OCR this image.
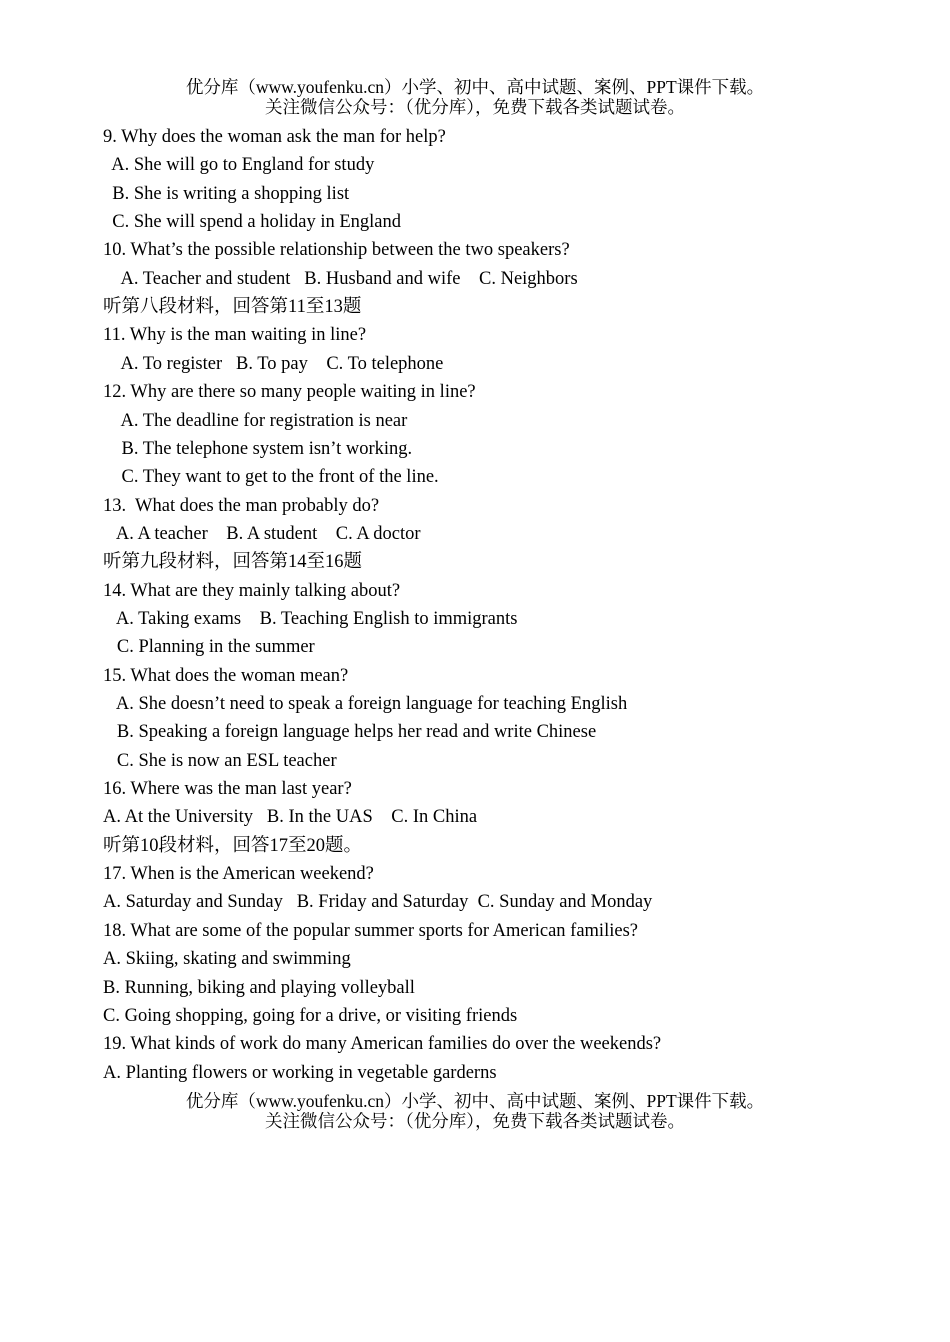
优分库（www.youfenku.cn）小学、初中、高中试题、案例、PPT课件下载。
关注微信公众号：（优分库），免费下载各类试题试卷。
9. Why does the woman ask the man for help?
A. She will go to England for study
B. She is writing a shopping list
C. She will spend a holiday in England
10. What’s the possible relationship between the two speakers?
A. Teacher and student   B. Husband and wife    C. Neighbors
听第八段材料，回答第11至13题
11. Why is the man waiting in line?
A. To register   B. To pay    C. To telephone
12. Why are there so many people waiting in line?
A. The deadline for registration is near
B. The telephone system isn’t working.
C. They want to get to the front of the line.
13.  What does the man probably do?
A. A teacher    B. A student    C. A doctor
听第九段材料，回答第14至16题
14. What are they mainly talking about?
A. Taking exams    B. Teaching English to immigrants
C. Planning in the summer
15. What does the woman mean?
A. She doesn’t need to speak a foreign language for teaching English
B. Speaking a foreign language helps her read and write Chinese
C. She is now an ESL teacher
16. Where was the man last year?
A. At the University   B. In the UAS    C. In China
听第10段材料，回答17至20题。
17. When is the American weekend?
A. Saturday and Sunday   B. Friday and Saturday  C. Sunday and Monday
18. What are some of the popular summer sports for American families?
A. Skiing, skating and swimming
B. Running, biking and playing volleyball
C. Going shopping, going for a drive, or visiting friends
19. What kinds of work do many American families do over the weekends?
A. Planting flowers or working in vegetable garderns
优分库（www.youfenku.cn）小学、初中、高中试题、案例、PPT课件下载。
关注微信公众号：（优分库），免费下载各类试题试卷。
